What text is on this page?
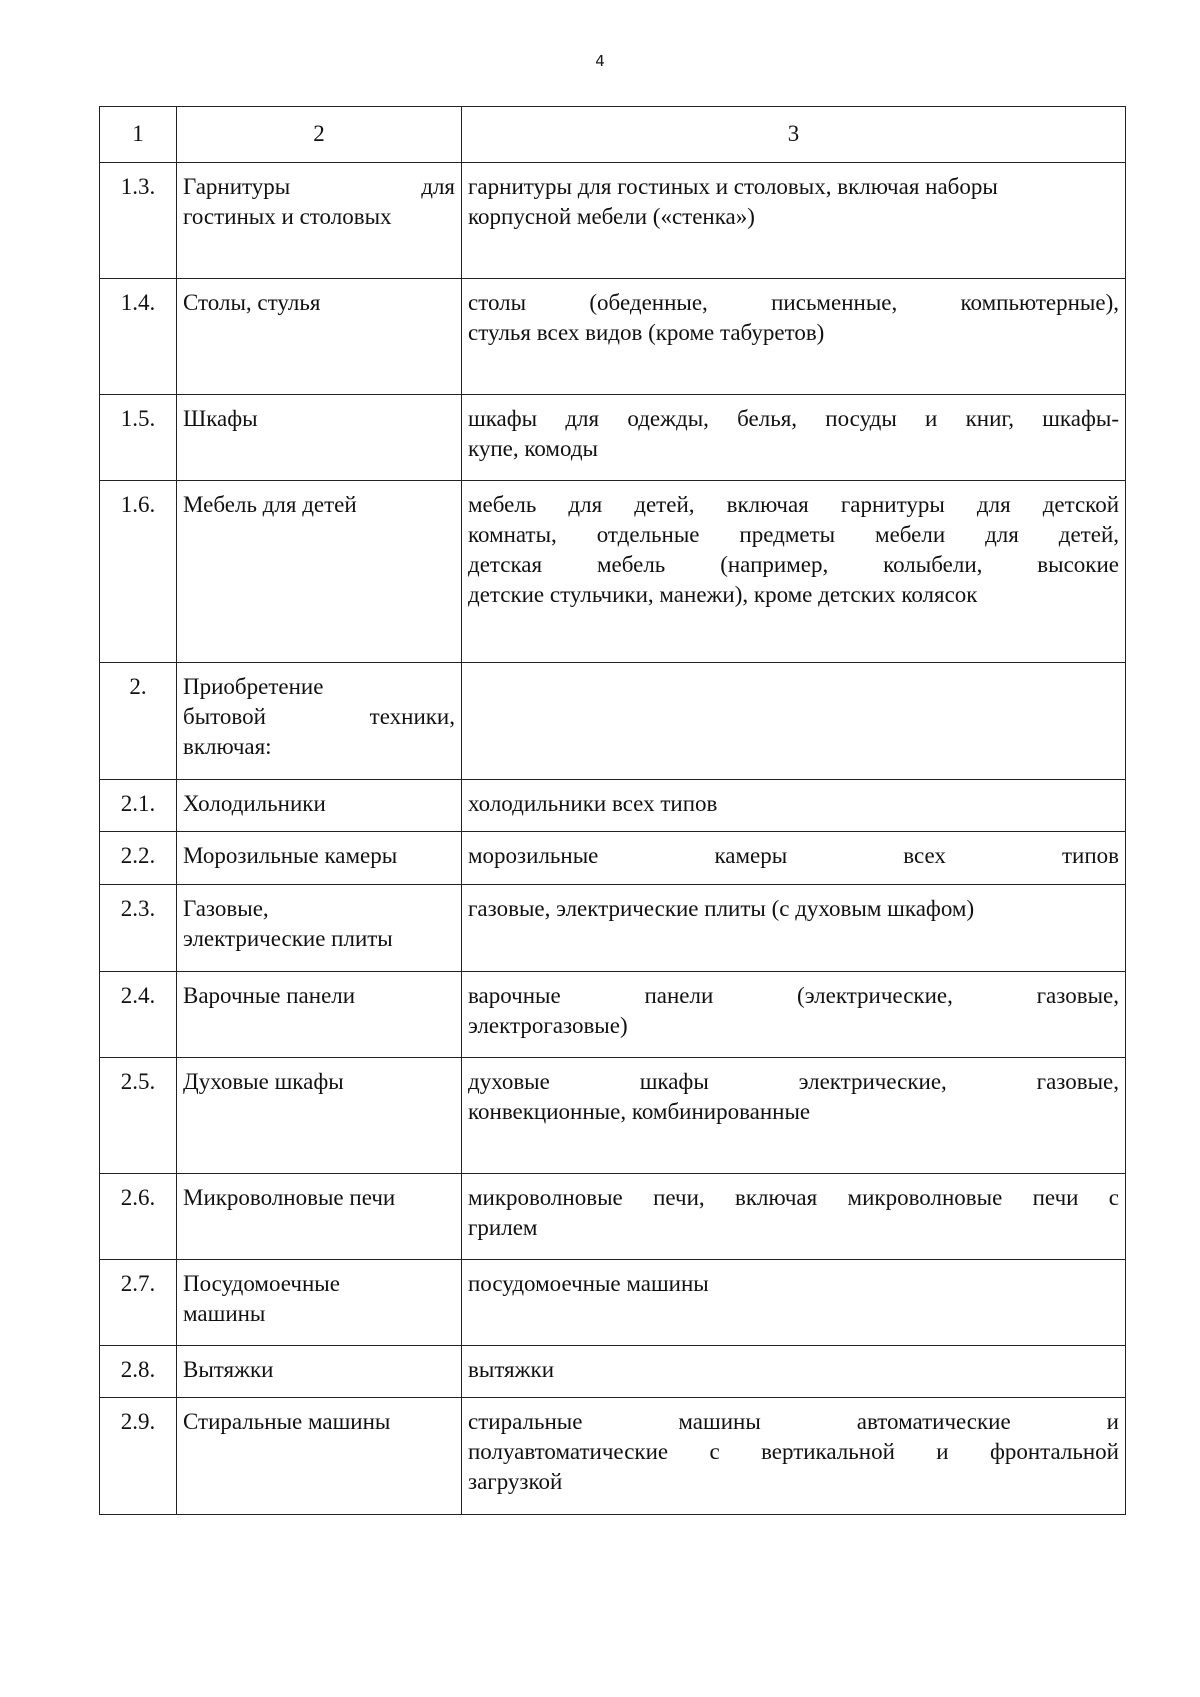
4
1	2	3
1.3.	Гарнитуры для
гостиных и столовых	гарнитуры для гостиных и столовых, включая наборы
корпусной мебели («стенка»)

1.4.	Столы, стулья	столы (обеденные, письменные, компьютерные),
стулья всех видов (кроме табуретов)

1.5.	Шкафы	шкафы для одежды, белья, посуды и книг, шкафы-
купе, комоды

1.6.	Мебель для детей	мебель для детей, включая гарнитуры для детской
комнаты, отдельные предметы мебели для детей,
детская мебель (например, колыбели, высокие
детские стульчики, манежи), кроме детских колясок

2.	Приобретение
бытовой техники,
включая:	

2.1.	Холодильники	холодильники всех типов

2.2.	Морозильные камеры	морозильные камеры всех типов

2.3.	Газовые,
электрические плиты	газовые, электрические плиты (с духовым шкафом)

2.4.	Варочные панели	варочные панели (электрические, газовые,
электрогазовые)

2.5.	Духовые шкафы	духовые шкафы электрические, газовые,
конвекционные, комбинированные

2.6.	Микроволновые печи	микроволновые печи, включая микроволновые печи с
грилем

2.7.	Посудомоечные
машины	посудомоечные машины

2.8.	Вытяжки	вытяжки

2.9.	Стиральные машины	стиральные машины автоматические и
полуавтоматические с вертикальной и фронтальной
загрузкой
